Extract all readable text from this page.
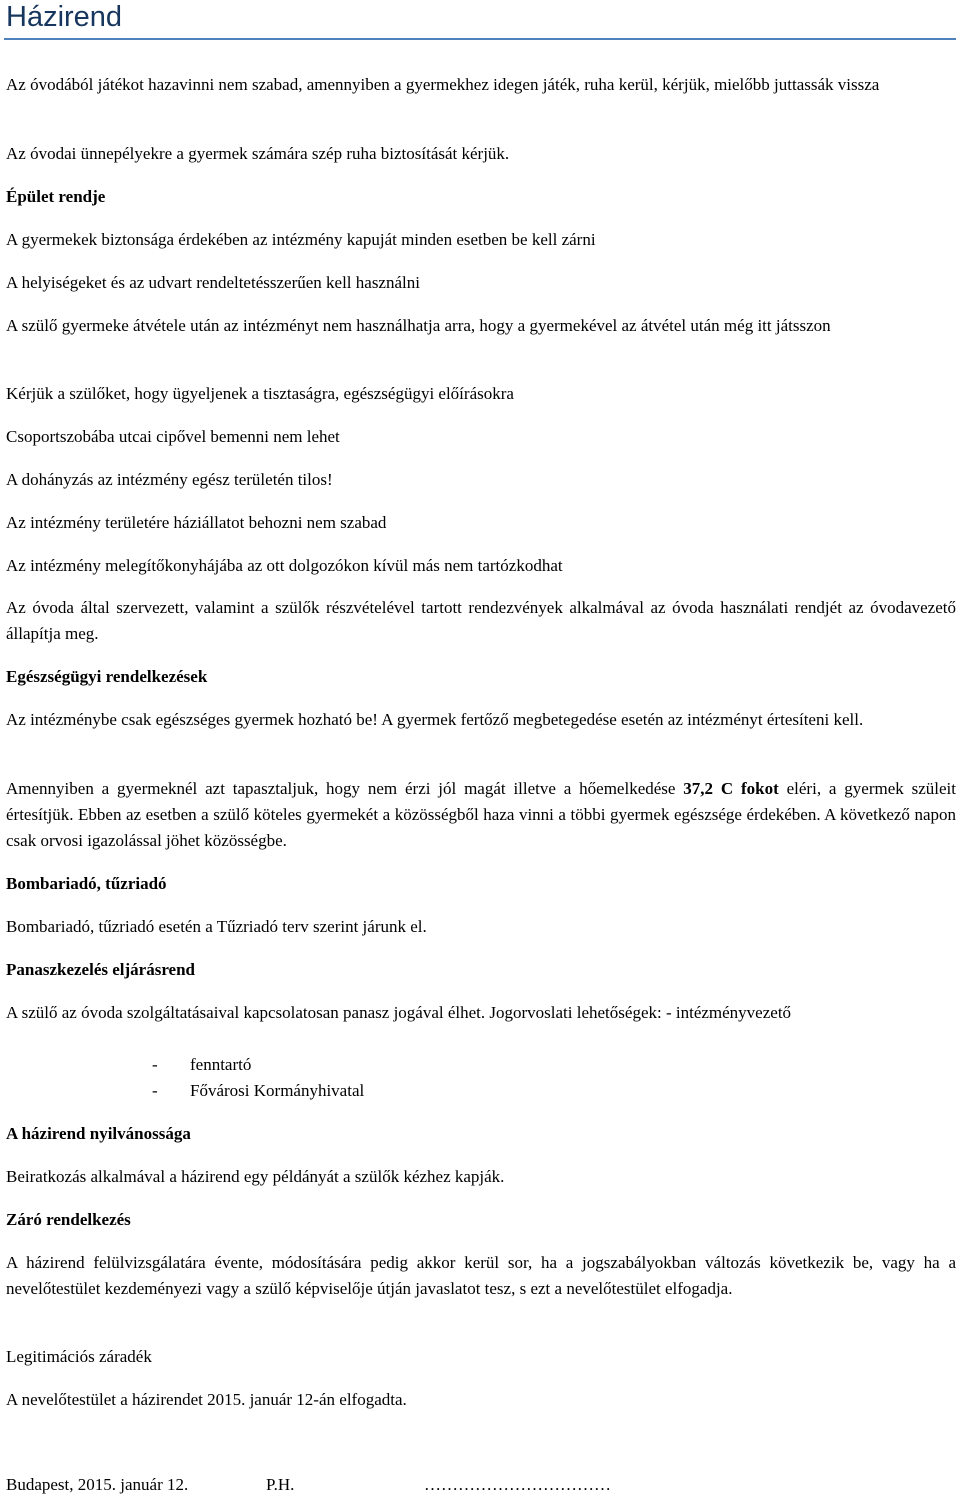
Házirend

Az óvodából játékot hazavinni nem szabad, amennyiben a gyermekhez idegen játék, ruha kerül, kérjük, mielőbb juttassák vissza

Az óvodai ünnepélyekre a gyermek számára szép ruha biztosítását kérjük.

Épület rendje

A gyermekek biztonsága érdekében az intézmény kapuját minden esetben be kell zárni

A helyiségeket és az udvart rendeltetésszerűen kell használni

A szülő gyermeke átvétele után az intézményt nem használhatja arra, hogy a gyermekével az átvétel után még itt játsszon

Kérjük a szülőket, hogy ügyeljenek a tisztaságra, egészségügyi előírásokra

Csoportszobába utcai cipővel bemenni nem lehet

A dohányzás az intézmény egész területén tilos!

Az intézmény területére háziállatot behozni nem szabad

Az intézmény melegítőkonyhájába az ott dolgozókon kívül más nem tartózkodhat

Az óvoda által szervezett, valamint a szülők részvételével tartott rendezvények alkalmával az óvoda használati rendjét az óvodavezető állapítja meg.

Egészségügyi rendelkezések

Az intézménybe csak egészséges gyermek hozható be! A gyermek fertőző megbetegedése esetén az intézményt értesíteni kell.

Amennyiben a gyermeknél azt tapasztaljuk, hogy nem érzi jól magát illetve a hőemelkedése 37,2 C fokot eléri, a gyermek szüleit értesítjük. Ebben az esetben a szülő köteles gyermekét a közösségből haza vinni a többi gyermek egészsége érdekében. A következő napon csak orvosi igazolással jöhet közösségbe.

Bombariadó, tűzriadó

Bombariadó, tűzriadó esetén a Tűzriadó terv szerint járunk el.

Panaszkezelés eljárásrend

A szülő az óvoda szolgáltatásaival kapcsolatosan panasz jogával élhet. Jogorvoslati lehetőségek: - intézményvezető

- fenntartó
- Fővárosi Kormányhivatal

A házirend nyilvánossága

Beiratkozás alkalmával a házirend egy példányát a szülők kézhez kapják.

Záró rendelkezés

A házirend felülvizsgálatára évente, módosítására pedig akkor kerül sor, ha a jogszabályokban változás következik be, vagy ha a nevelőtestület kezdeményezi vagy a szülő képviselője útján javaslatot tesz, s ezt a nevelőtestület elfogadja.

Legitimációs záradék

A nevelőtestület a házirendet 2015. január 12-án elfogadta.

Budapest, 2015. január 12.	P.H.	……………………………
